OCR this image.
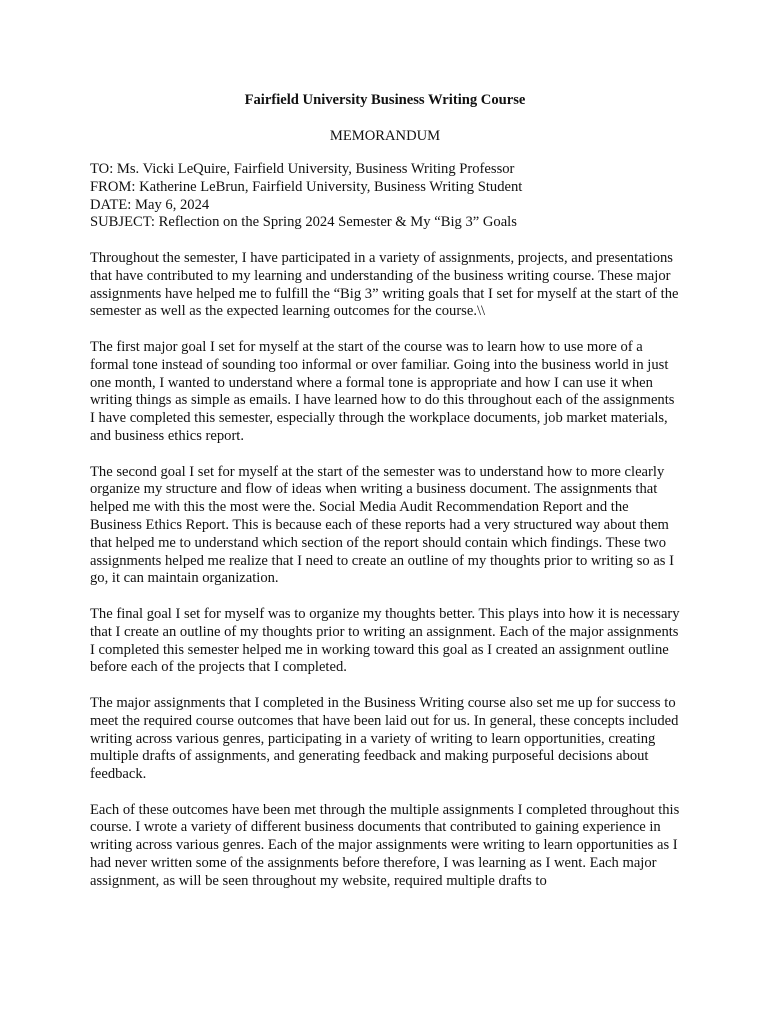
Fairfield University Business Writing Course

MEMORANDUM

TO: Ms. Vicki LeQuire, Fairfield University, Business Writing Professor

FROM: Katherine LeBrun, Fairfield University, Business Writing Student

DATE: May 6, 2024

SUBJECT: Reflection on the Spring 2024 Semester & My “Big 3” Goals

Throughout the semester, I have participated in a variety of assignments, projects, and presentations that have contributed to my learning and understanding of the business writing course. These major assignments have helped me to fulfill the “Big 3” writing goals that I set for myself at the start of the semester as well as the expected learning outcomes for the course.\\

The first major goal I set for myself at the start of the course was to learn how to use more of a formal tone instead of sounding too informal or over familiar. Going into the business world in just one month, I wanted to understand where a formal tone is appropriate and how I can use it when writing things as simple as emails. I have learned how to do this throughout each of the assignments I have completed this semester, especially through the workplace documents, job market materials, and business ethics report.

The second goal I set for myself at the start of the semester was to understand how to more clearly organize my structure and flow of ideas when writing a business document. The assignments that helped me with this the most were the. Social Media Audit Recommendation Report and the Business Ethics Report. This is because each of these reports had a very structured way about them that helped me to understand which section of the report should contain which findings. These two assignments helped me realize that I need to create an outline of my thoughts prior to writing so as I go, it can maintain organization.

The final goal I set for myself was to organize my thoughts better. This plays into how it is necessary that I create an outline of my thoughts prior to writing an assignment. Each of the major assignments I completed this semester helped me in working toward this goal as I created an assignment outline before each of the projects that I completed.

The major assignments that I completed in the Business Writing course also set me up for success to meet the required course outcomes that have been laid out for us. In general, these concepts included writing across various genres, participating in a variety of writing to learn opportunities, creating multiple drafts of assignments, and generating feedback and making purposeful decisions about feedback.

Each of these outcomes have been met through the multiple assignments I completed throughout this course. I wrote a variety of different business documents that contributed to gaining experience in writing across various genres. Each of the major assignments were writing to learn opportunities as I had never written some of the assignments before therefore, I was learning as I went. Each major assignment, as will be seen throughout my website, required multiple drafts to
